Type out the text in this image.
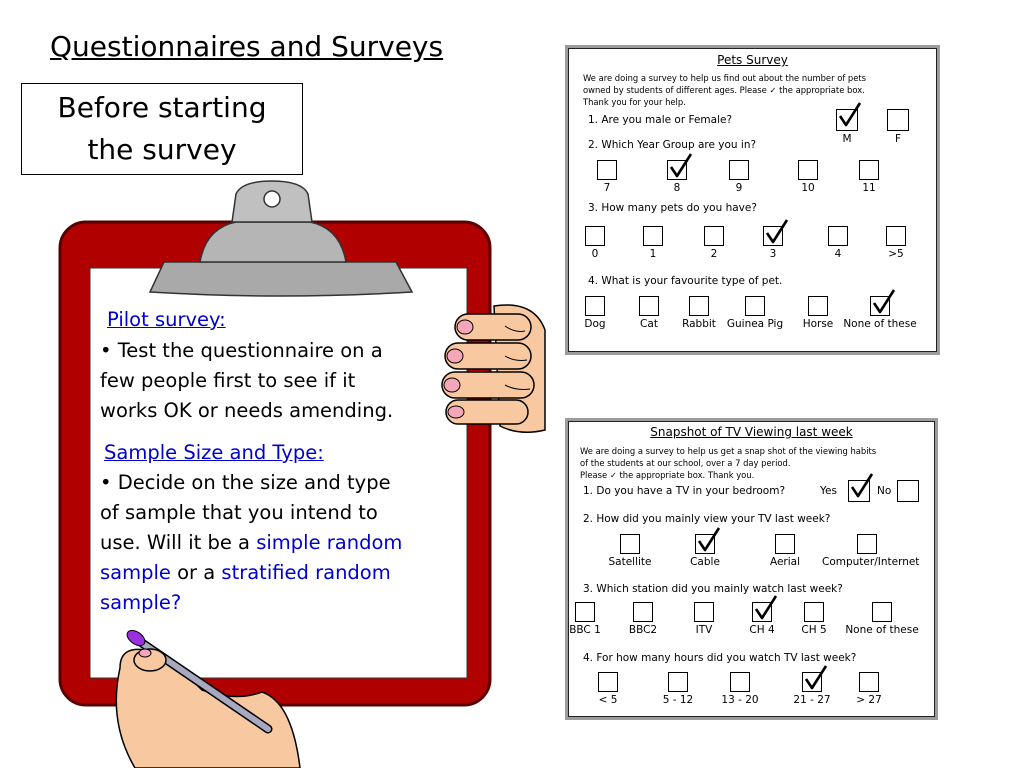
Questionnaires and Surveys
Before starting
the survey
Pilot survey:
• Test the questionnaire on a
few people first to see if it
works OK or needs amending.
Sample Size and Type:
• Decide on the size and type
of sample that you intend to
use. Will it be a simple random
sample or a stratified random
sample?
Pets Survey
We are doing a survey to help us find out about the number of pets
owned by students of different ages. Please ✓ the appropriate box.
Thank you for your help.
1. Are you male or Female?
M	F
2. Which Year Group are you in?
7	8	9	10	11
3. How many pets do you have?
0	1	2	3	4	>5
4. What is your favourite type of pet.
Dog	Cat	Rabbit	Guinea Pig	Horse None of these
Snapshot of TV Viewing last week
We are doing a survey to help us get a snap shot of the viewing habits
of the students at our school, over a 7 day period.
Please ✓ the appropriate box. Thank you.
1. Do you have a TV in your bedroom?	Yes	No
2. How did you mainly view your TV last week?
Satellite	Cable	Aerial	Computer/Internet
3. Which station did you mainly watch last week?
BBC 1	BBC2	ITV	CH 4	CH 5	None of these
4. For how many hours did you watch TV last week?
< 5	5 - 12	13 - 20	21 - 27	> 27
